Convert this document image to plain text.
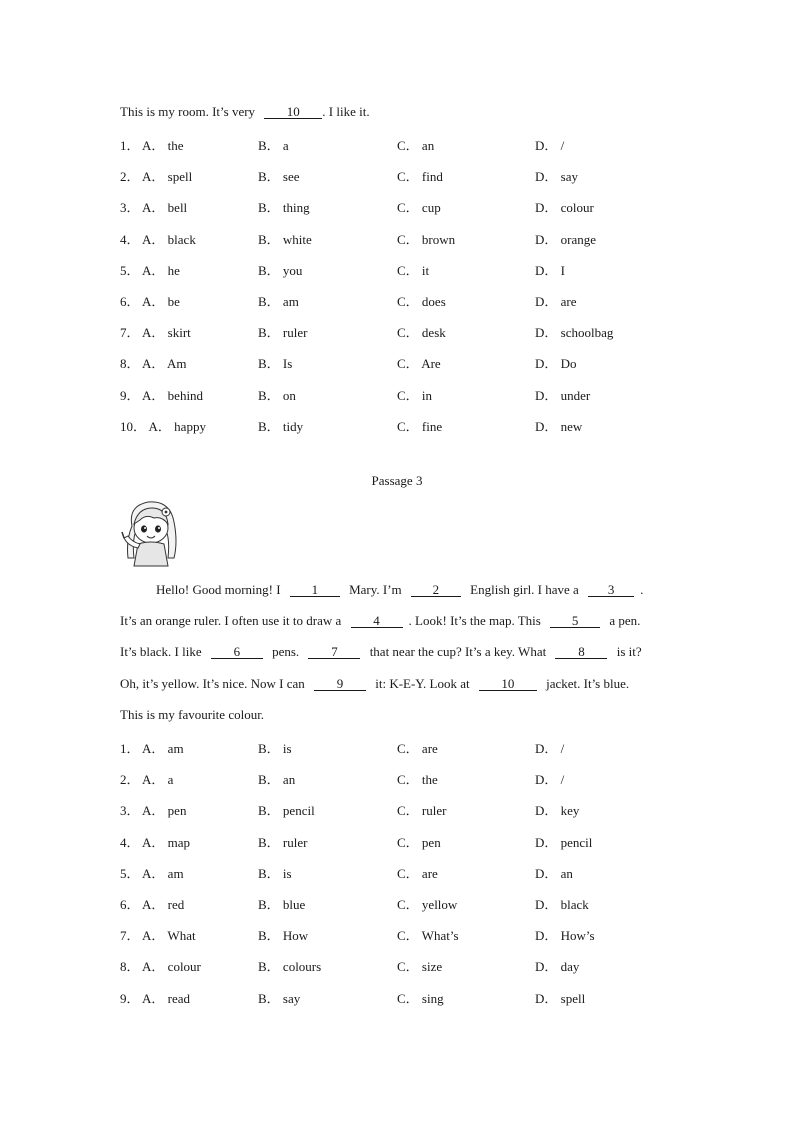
This is my room. It’s very 10 . I like it.
1． A． the	B． a	C． an	D． /
2． A． spell	B． see	C． find	D． say
3． A． bell	B． thing	C． cup	D． colour
4． A． black	B． white	C． brown	D． orange
5． A． he	B． you	C． it	D． I
6． A． be	B． am	C． does	D． are
7． A． skirt	B． ruler	C． desk	D． schoolbag
8． A． Am	B． Is	C． Are	D． Do
9． A． behind	B． on	C． in	D． under
10． A． happy	B． tidy	C． fine	D． new
Passage 3
Hello! Good morning! I 1 Mary. I’m 2 English girl. I have a 3 .
It’s an orange ruler. I often use it to draw a 4 . Look! It’s the map. This 5 a pen.
It’s black. I like 6 pens. 7 that near the cup? It’s a key. What 8 is it?
Oh, it’s yellow. It’s nice. Now I can 9 it: K-E-Y. Look at 10 jacket. It’s blue.
This is my favourite colour.
1． A． am	B． is	C． are	D． /
2． A． a	B． an	C． the	D． /
3． A． pen	B． pencil	C． ruler	D． key
4． A． map	B． ruler	C． pen	D． pencil
5． A． am	B． is	C． are	D． an
6． A． red	B． blue	C． yellow	D． black
7． A． What	B． How	C． What’s	D． How’s
8． A． colour	B． colours	C． size	D． day
9． A． read	B． say	C． sing	D． spell
